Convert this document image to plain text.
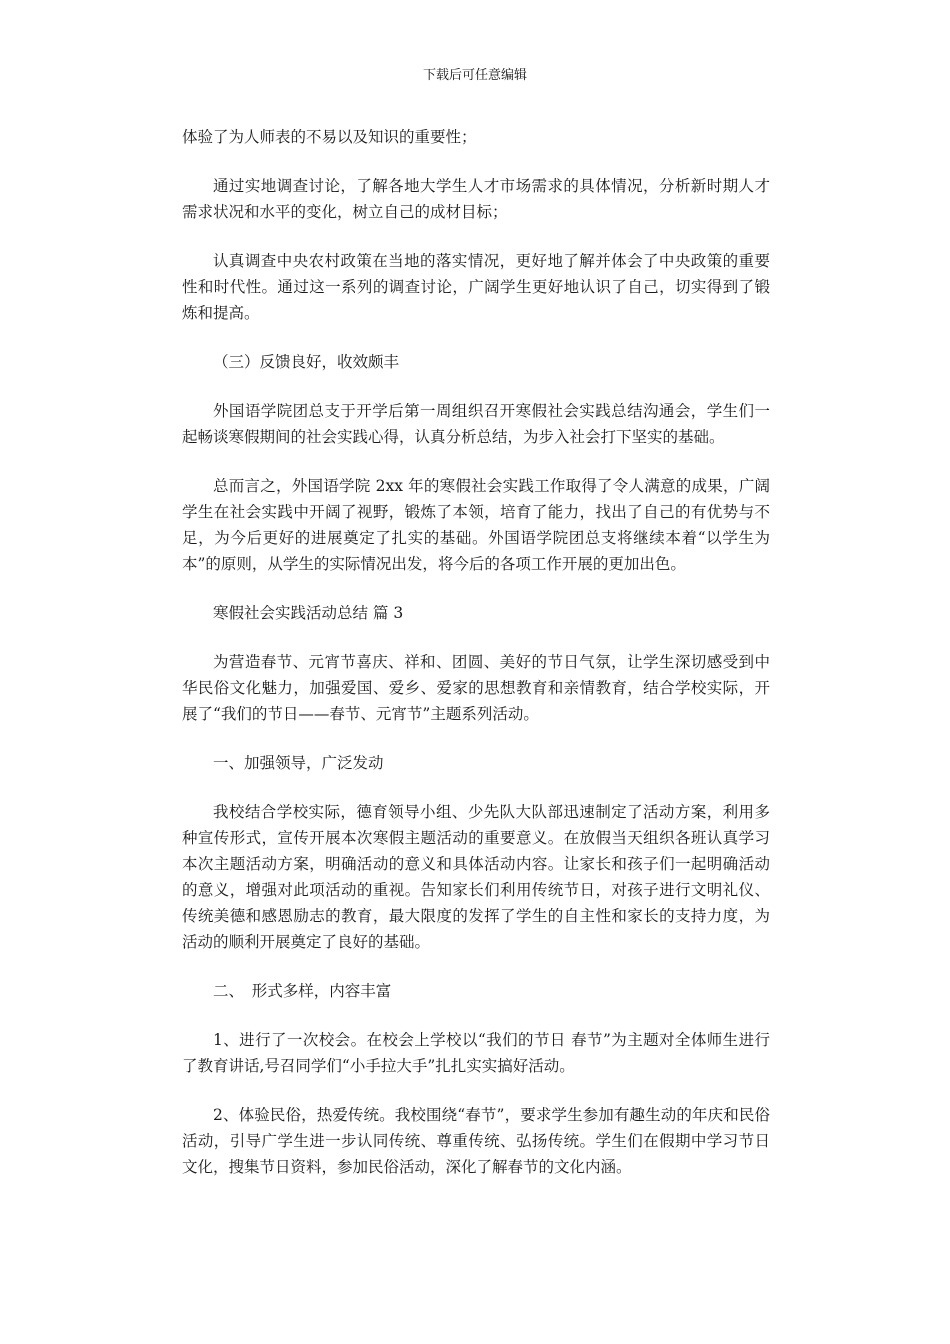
下载后可任意编辑

体验了为人师表的不易以及知识的重要性；

通过实地调查讨论，了解各地大学生人才市场需求的具体情况，分析新时期人才需求状况和水平的变化，树立自己的成材目标；

认真调查中央农村政策在当地的落实情况，更好地了解并体会了中央政策的重要性和时代性。通过这一系列的调查讨论，广阔学生更好地认识了自己，切实得到了锻炼和提高。

（三）反馈良好，收效颇丰

外国语学院团总支于开学后第一周组织召开寒假社会实践总结沟通会，学生们一起畅谈寒假期间的社会实践心得，认真分析总结，为步入社会打下坚实的基础。

总而言之，外国语学院 2xx 年的寒假社会实践工作取得了令人满意的成果，广阔学生在社会实践中开阔了视野，锻炼了本领，培育了能力，找出了自己的有优势与不足，为今后更好的进展奠定了扎实的基础。外国语学院团总支将继续本着“以学生为本”的原则，从学生的实际情况出发，将今后的各项工作开展的更加出色。

寒假社会实践活动总结 篇 3

为营造春节、元宵节喜庆、祥和、团圆、美好的节日气氛，让学生深切感受到中华民俗文化魅力，加强爱国、爱乡、爱家的思想教育和亲情教育，结合学校实际，开展了“我们的节日——春节、元宵节”主题系列活动。

一、加强领导，广泛发动

我校结合学校实际，德育领导小组、少先队大队部迅速制定了活动方案，利用多种宣传形式，宣传开展本次寒假主题活动的重要意义。在放假当天组织各班认真学习本次主题活动方案，明确活动的意义和具体活动内容。让家长和孩子们一起明确活动的意义，增强对此项活动的重视。告知家长们利用传统节日，对孩子进行文明礼仪、传统美德和感恩励志的教育，最大限度的发挥了学生的自主性和家长的支持力度，为活动的顺利开展奠定了良好的基础。

二、　形式多样，内容丰富

1、进行了一次校会。在校会上学校以“我们的节日 春节”为主题对全体师生进行了教育讲话,号召同学们“小手拉大手”扎扎实实搞好活动。

2、体验民俗，热爱传统。我校围绕“春节”，要求学生参加有趣生动的年庆和民俗活动，引导广学生进一步认同传统、尊重传统、弘扬传统。学生们在假期中学习节日文化，搜集节日资料，参加民俗活动，深化了解春节的文化内涵。
